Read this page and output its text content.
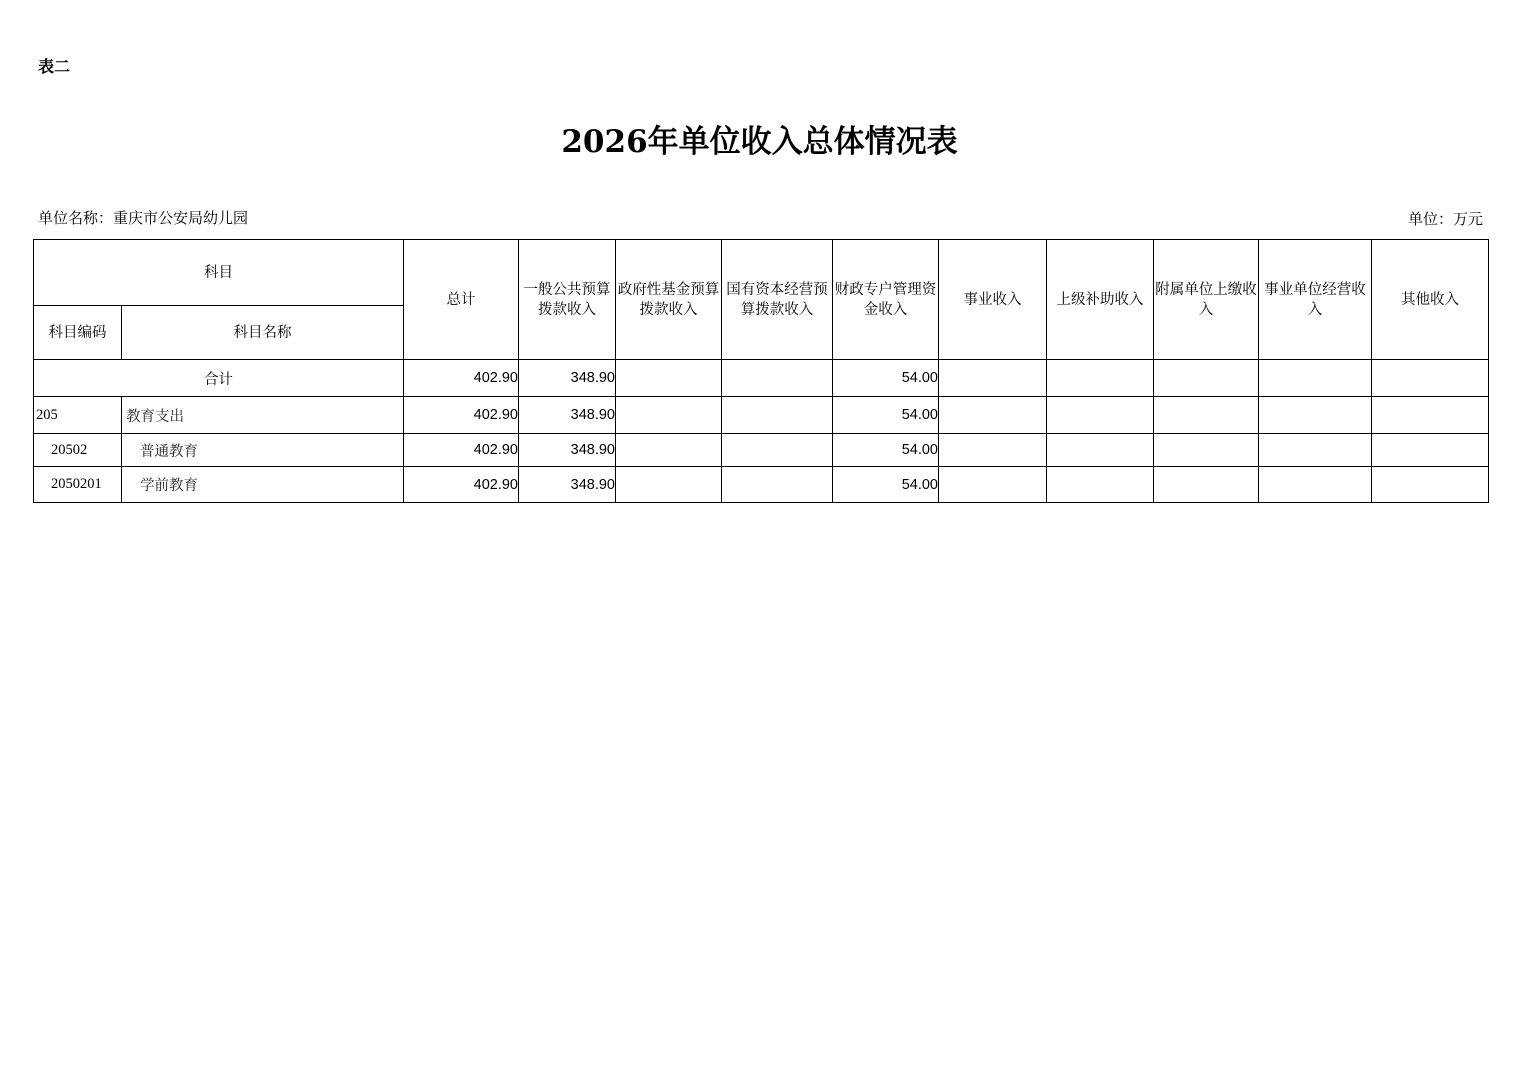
表二
2026年单位收入总体情况表
单位名称：重庆市公安局幼儿园	单位：万元
科目		总计	一般公共预算拨款收入	政府性基金预算拨款收入	国有资本经营预算拨款收入	财政专户管理资金收入	事业收入	上级补助收入	附属单位上缴收入	事业单位经营收入	其他收入
科目编码	科目名称										
合计		402.90	348.90			54.00					
205	教育支出	402.90	348.90			54.00					
20502	普通教育	402.90	348.90			54.00					
2050201	学前教育	402.90	348.90			54.00					
